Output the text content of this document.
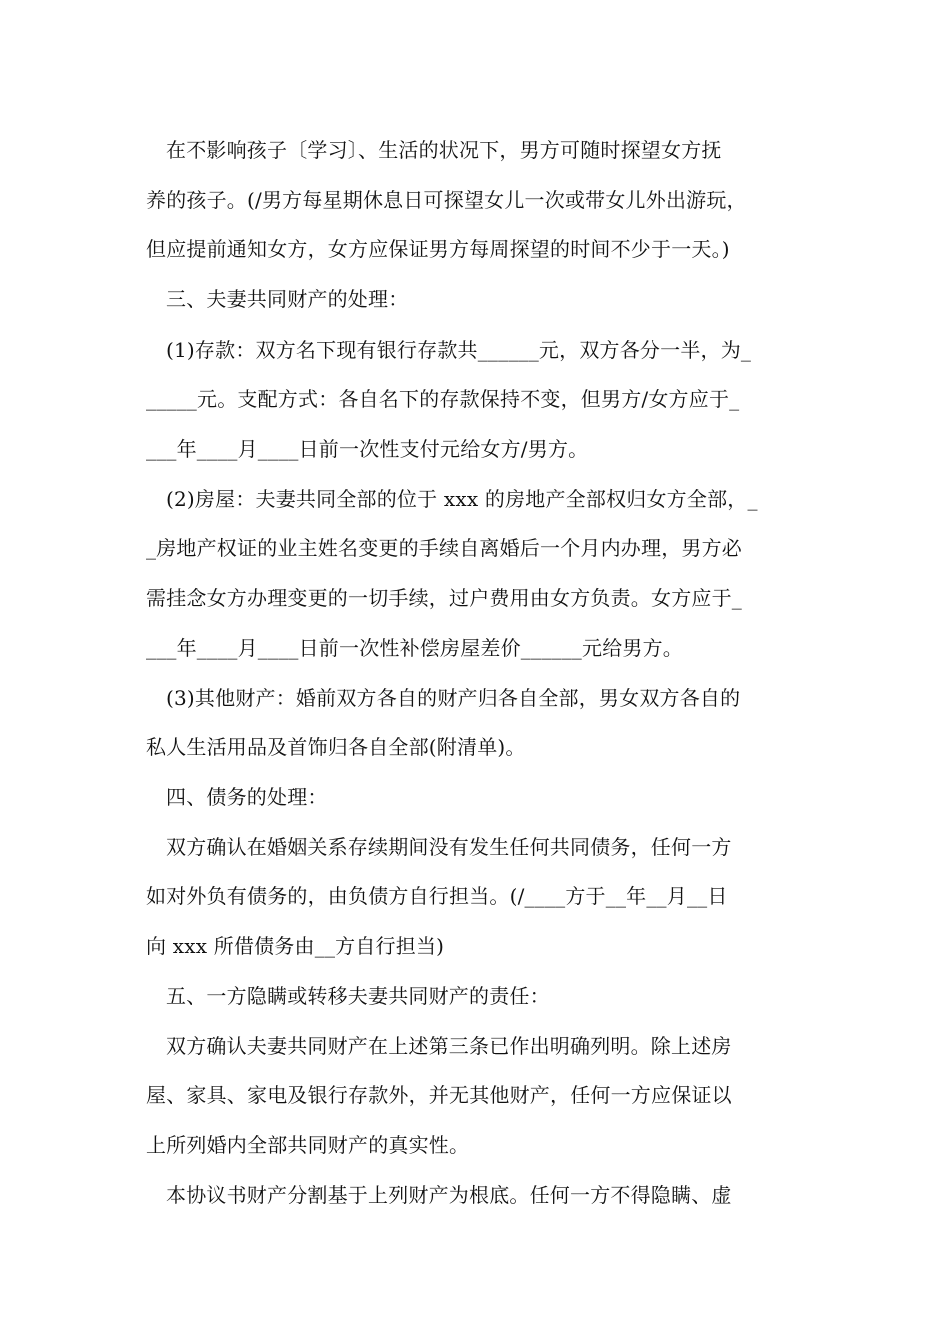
在不影响孩子〔学习〕、生活的状况下，男方可随时探望女方抚
养的孩子。(/男方每星期休息日可探望女儿一次或带女儿外出游玩，
但应提前通知女方，女方应保证男方每周探望的时间不少于一天。)
三、夫妻共同财产的处理：
(1)存款：双方名下现有银行存款共______元，双方各分一半，为_
_____元。支配方式：各自名下的存款保持不变，但男方/女方应于_
___年____月____日前一次性支付元给女方/男方。
(2)房屋：夫妻共同全部的位于 xxx 的房地产全部权归女方全部，_
_房地产权证的业主姓名变更的手续自离婚后一个月内办理，男方必
需挂念女方办理变更的一切手续，过户费用由女方负责。女方应于_
___年____月____日前一次性补偿房屋差价______元给男方。
(3)其他财产：婚前双方各自的财产归各自全部，男女双方各自的
私人生活用品及首饰归各自全部(附清单)。
四、债务的处理：
双方确认在婚姻关系存续期间没有发生任何共同债务，任何一方
如对外负有债务的，由负债方自行担当。(/____方于__年__月__日
向 xxx 所借债务由__方自行担当)
五、一方隐瞒或转移夫妻共同财产的责任：
双方确认夫妻共同财产在上述第三条已作出明确列明。除上述房
屋、家具、家电及银行存款外，并无其他财产，任何一方应保证以
上所列婚内全部共同财产的真实性。
本协议书财产分割基于上列财产为根底。任何一方不得隐瞒、虚
